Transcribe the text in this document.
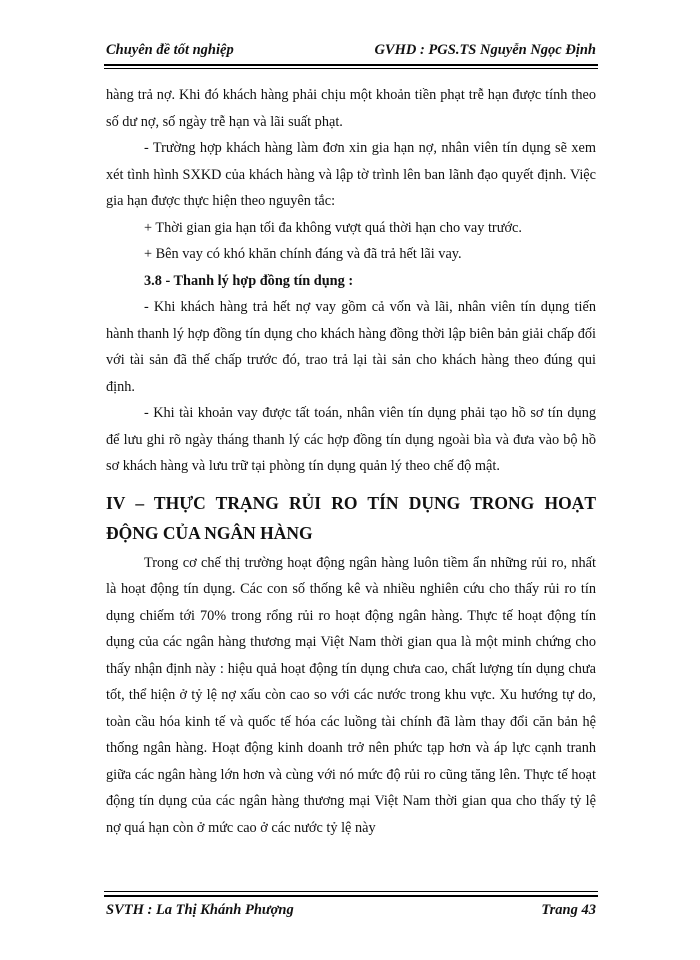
Chuyên đề tốt nghiệp	GVHD : PGS.TS Nguyễn Ngọc Định

hàng trả nợ. Khi đó khách hàng phải chịu một khoản tiền phạt trễ hạn được tính theo số dư nợ, số ngày trễ hạn và lãi suất phạt.

- Trường hợp khách hàng làm đơn xin gia hạn nợ, nhân viên tín dụng sẽ xem xét tình hình SXKD của khách hàng và lập tờ trình lên ban lãnh đạo quyết định. Việc gia hạn được thực hiện theo nguyên tắc:

+ Thời gian gia hạn tối đa không vượt quá thời hạn cho vay trước.

+ Bên vay có khó khăn chính đáng và đã trả hết lãi vay.

3.8 - Thanh lý hợp đồng tín dụng :

- Khi khách hàng trả hết nợ vay gồm cả vốn và lãi, nhân viên tín dụng tiến hành thanh lý hợp đồng tín dụng cho khách hàng đồng thời lập biên bản giải chấp đối với tài sản đã thế chấp trước đó, trao trả lại tài sản cho khách hàng theo đúng qui định.

- Khi tài khoản vay được tất toán, nhân viên tín dụng phải tạo hồ sơ tín dụng để lưu ghi rõ ngày tháng thanh lý các hợp đồng tín dụng ngoài bìa và đưa vào bộ hồ sơ khách hàng và lưu trữ tại phòng tín dụng quản lý theo chế độ mật.

IV – THỰC TRẠNG RỦI RO TÍN DỤNG TRONG HOẠT ĐỘNG CỦA NGÂN HÀNG

Trong cơ chế thị trường hoạt động ngân hàng luôn tiềm ẩn những rủi ro, nhất là hoạt động tín dụng. Các con số thống kê và nhiều nghiên cứu cho thấy rủi ro tín dụng chiếm tới 70% trong rổng rủi ro hoạt động ngân hàng. Thực tế hoạt động tín dụng của các ngân hàng thương mại Việt Nam thời gian qua là một minh chứng cho thấy nhận định này : hiệu quả hoạt động tín dụng chưa cao, chất lượng tín dụng chưa tốt, thể hiện ở tỷ lệ nợ xấu còn cao so với các nước trong khu vực. Xu hướng tự do, toàn cầu hóa kinh tế và quốc tế hóa các luồng tài chính đã làm thay đổi căn bản hệ thống ngân hàng. Hoạt động kinh doanh trở nên phức tạp hơn và áp lực cạnh tranh giữa các ngân hàng lớn hơn và cùng với nó mức độ rủi ro cũng tăng lên. Thực tế hoạt động tín dụng của các ngân hàng thương mại Việt Nam thời gian qua cho thấy tỷ lệ nợ quá hạn còn ở mức cao ở các nước tỷ lệ này

SVTH : La Thị Khánh Phượng	Trang 43
